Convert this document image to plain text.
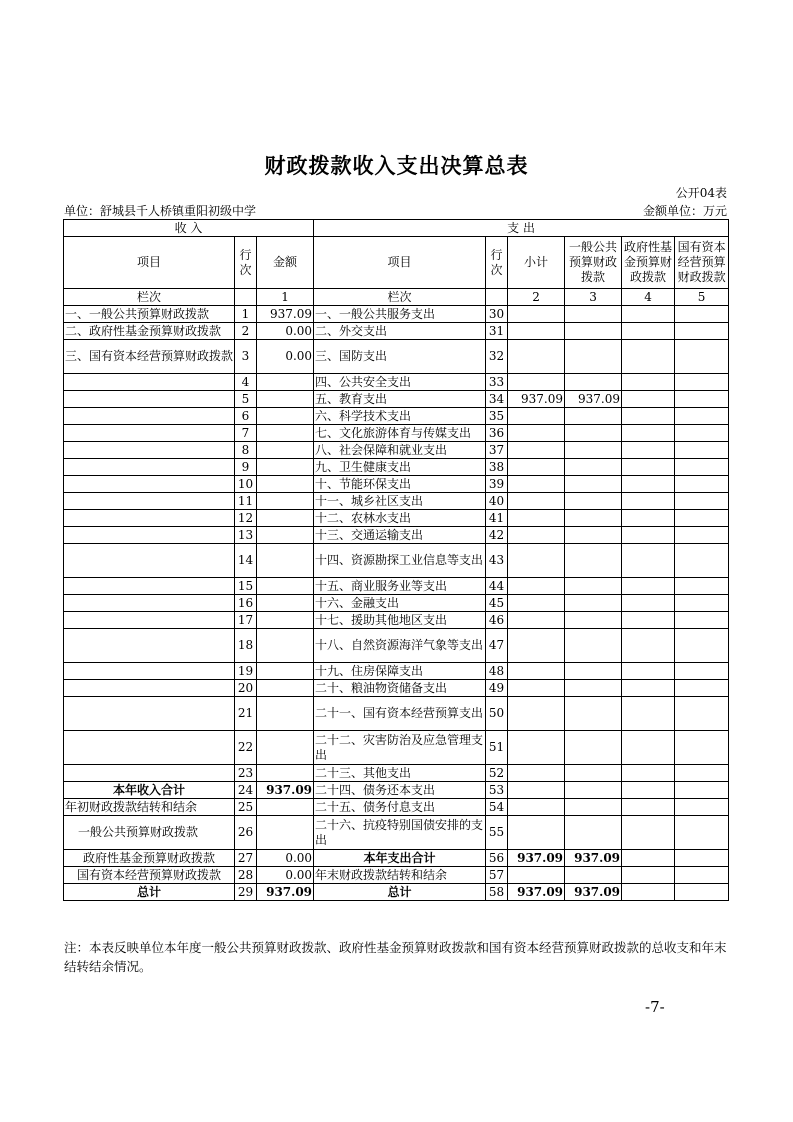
财政拨款收入支出决算总表
公开04表
单位：舒城县千人桥镇重阳初级中学	金额单位：万元
收 入			支 出					
项目	行次	金额	项目	行次	小计	一般公共预算财政拨款	政府性基金预算财政拨款	国有资本经营预算财政拨款
栏次		1	栏次		2	3	4	5
一、一般公共预算财政拨款	1	937.09	一、一般公共服务支出	30				
二、政府性基金预算财政拨款	2	0.00	二、外交支出	31				
三、国有资本经营预算财政拨款	3	0.00	三、国防支出	32				
	4		四、公共安全支出	33				
	5		五、教育支出	34	937.09	937.09		
	6		六、科学技术支出	35				
	7		七、文化旅游体育与传媒支出	36				
	8		八、社会保障和就业支出	37				
	9		九、卫生健康支出	38				
	10		十、节能环保支出	39				
	11		十一、城乡社区支出	40				
	12		十二、农林水支出	41				
	13		十三、交通运输支出	42				
	14		十四、资源勘探工业信息等支出	43				
	15		十五、商业服务业等支出	44				
	16		十六、金融支出	45				
	17		十七、援助其他地区支出	46				
	18		十八、自然资源海洋气象等支出	47				
	19		十九、住房保障支出	48				
	20		二十、粮油物资储备支出	49				
	21		二十一、国有资本经营预算支出	50				
	22		二十二、灾害防治及应急管理支出	51				
	23		二十三、其他支出	52				
本年收入合计	24	937.09	二十四、债务还本支出	53				
年初财政拨款结转和结余	25		二十五、债务付息支出	54				
一般公共预算财政拨款	26		二十六、抗疫特别国债安排的支出	55				
政府性基金预算财政拨款	27	0.00	本年支出合计	56	937.09	937.09		
国有资本经营预算财政拨款	28	0.00	年末财政拨款结转和结余	57				
总计	29	937.09	总计	58	937.09	937.09		
注：本表反映单位本年度一般公共预算财政拨款、政府性基金预算财政拨款和国有资本经营预算财政拨款的总收支和年末结转结余情况。
-7-
